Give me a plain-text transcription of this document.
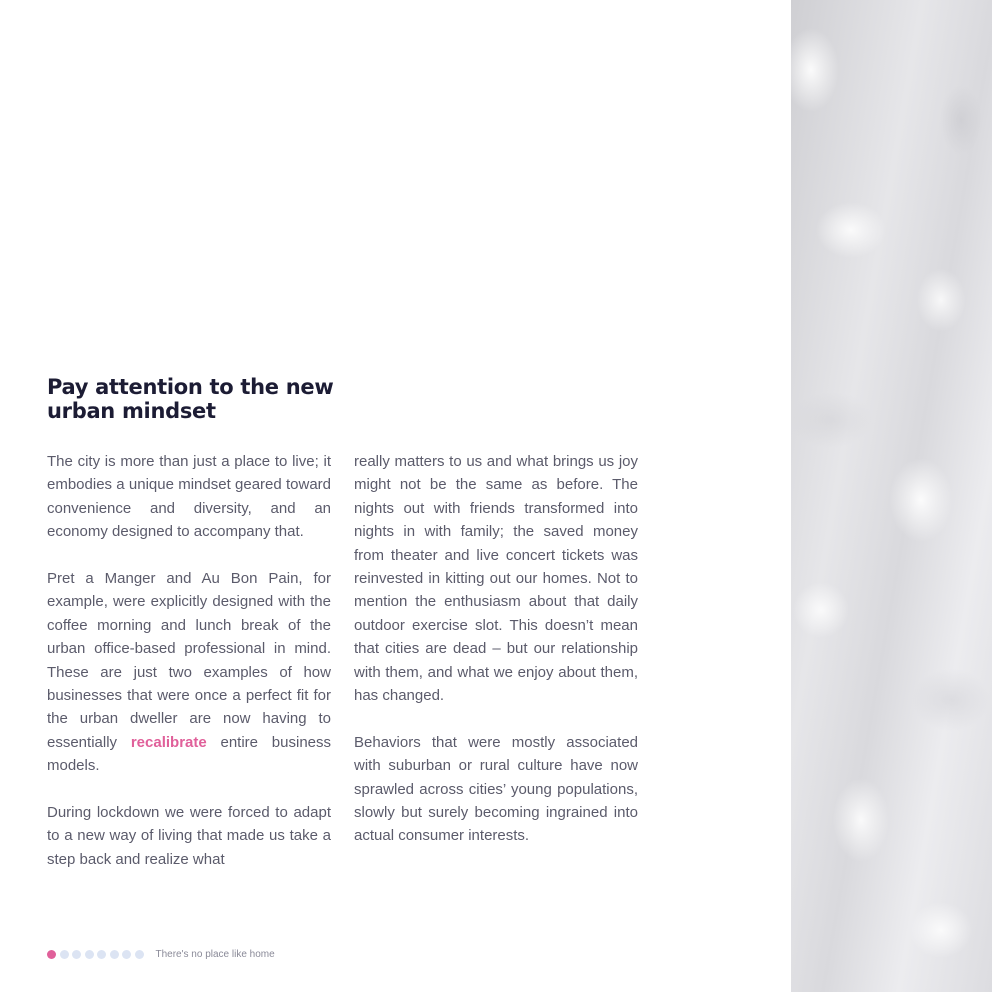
Pay attention to the new urban mindset

The city is more than just a place to live; it embodies a unique mindset geared toward convenience and diversity, and an economy designed to accompany that.

Pret a Manger and Au Bon Pain, for example, were explicitly designed with the coffee morning and lunch break of the urban office-based professional in mind. These are just two examples of how businesses that were once a perfect fit for the urban dweller are now having to essentially recalibrate entire business models.

During lockdown we were forced to adapt to a new way of living that made us take a step back and realize what

really matters to us and what brings us joy might not be the same as before. The nights out with friends transformed into nights in with family; the saved money from theater and live concert tickets was reinvested in kitting out our homes. Not to mention the enthusiasm about that daily outdoor exercise slot. This doesn’t mean that cities are dead – but our relationship with them, and what we enjoy about them, has changed.

Behaviors that were mostly associated with suburban or rural culture have now sprawled across cities’ young populations, slowly but surely becoming ingrained into actual consumer interests.

There's no place like home
